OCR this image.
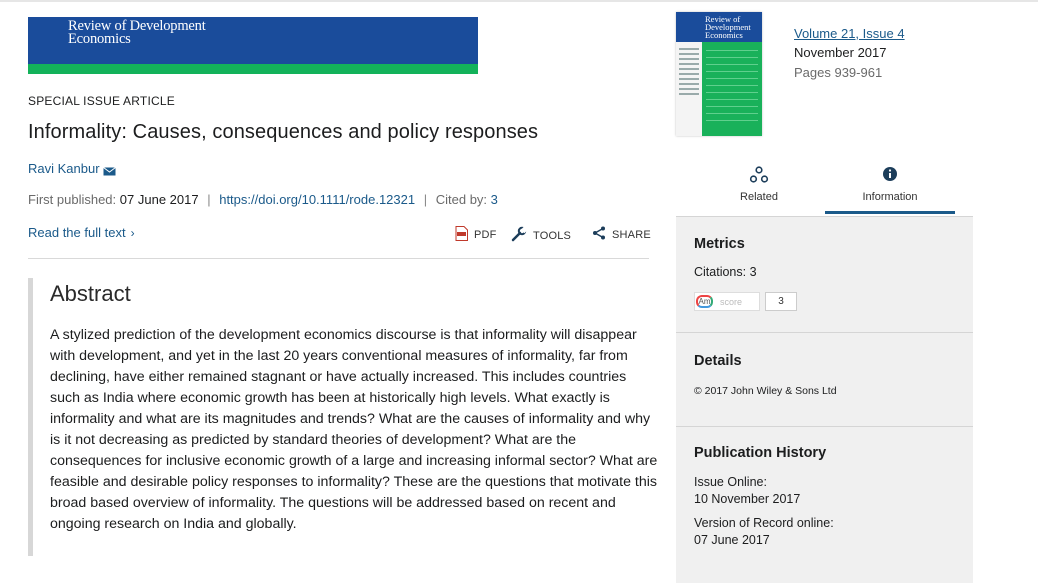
Review of Development Economics
SPECIAL ISSUE ARTICLE
Informality: Causes, consequences and policy responses
Ravi Kanbur
First published: 07 June 2017 | https://doi.org/10.1111/rode.12321 | Cited by: 3
Read the full text ›	PDF	TOOLS	SHARE
Abstract
A stylized prediction of the development economics discourse is that informality will disappear with development, and yet in the last 20 years conventional measures of informality, far from declining, have either remained stagnant or have actually increased. This includes countries such as India where economic growth has been at historically high levels. What exactly is informality and what are its magnitudes and trends? What are the causes of informality and why is it not decreasing as predicted by standard theories of development? What are the consequences for inclusive economic growth of a large and increasing informal sector? What are feasible and desirable policy responses to informality? These are the questions that motivate this broad based overview of informality. The questions will be addressed based on recent and ongoing research on India and globally.
Review of Development Economics	Volume 21, Issue 4
November 2017
Pages 939-961
Related	Information
Metrics
Citations: 3
Am score	3
Details
© 2017 John Wiley & Sons Ltd
Publication History
Issue Online:
10 November 2017
Version of Record online:
07 June 2017
